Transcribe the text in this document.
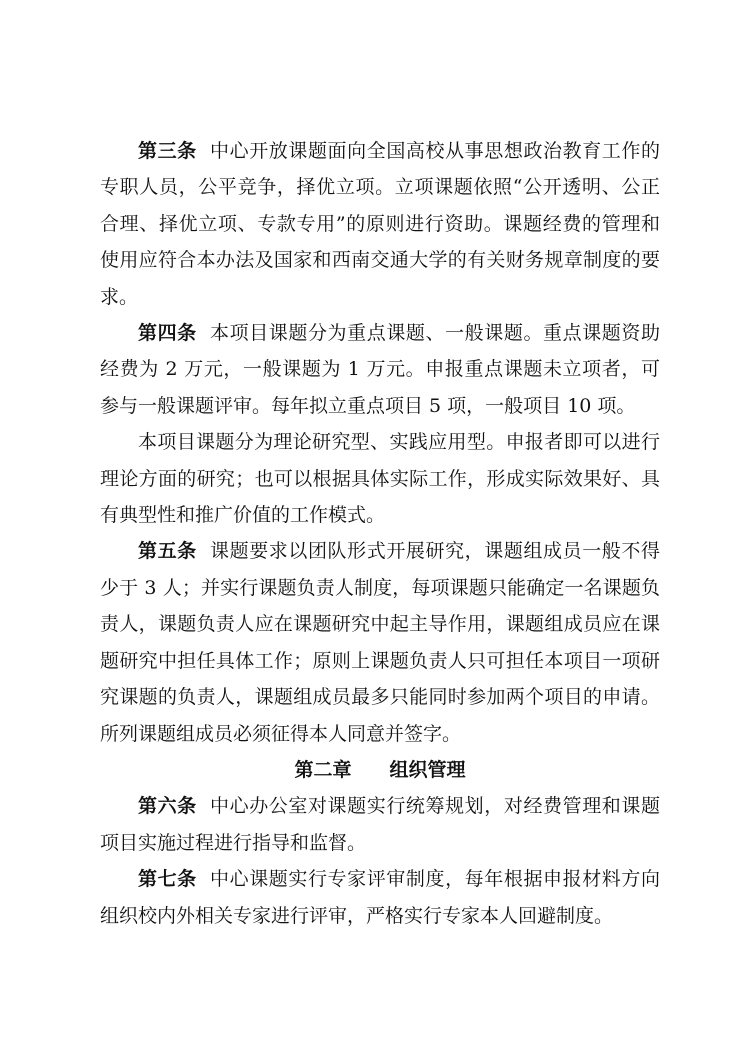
第三条 中心开放课题面向全国高校从事思想政治教育工作的专职人员，公平竞争，择优立项。立项课题依照“公开透明、公正合理、择优立项、专款专用”的原则进行资助。课题经费的管理和使用应符合本办法及国家和西南交通大学的有关财务规章制度的要求。

第四条 本项目课题分为重点课题、一般课题。重点课题资助经费为 2 万元，一般课题为 1 万元。申报重点课题未立项者，可参与一般课题评审。每年拟立重点项目 5 项，一般项目 10 项。

本项目课题分为理论研究型、实践应用型。申报者即可以进行理论方面的研究；也可以根据具体实际工作，形成实际效果好、具有典型性和推广价值的工作模式。

第五条 课题要求以团队形式开展研究，课题组成员一般不得少于 3 人；并实行课题负责人制度，每项课题只能确定一名课题负责人，课题负责人应在课题研究中起主导作用，课题组成员应在课题研究中担任具体工作；原则上课题负责人只可担任本项目一项研究课题的负责人，课题组成员最多只能同时参加两个项目的申请。所列课题组成员必须征得本人同意并签字。

第二章 组织管理

第六条 中心办公室对课题实行统筹规划，对经费管理和课题项目实施过程进行指导和监督。

第七条 中心课题实行专家评审制度，每年根据申报材料方向组织校内外相关专家进行评审，严格实行专家本人回避制度。
